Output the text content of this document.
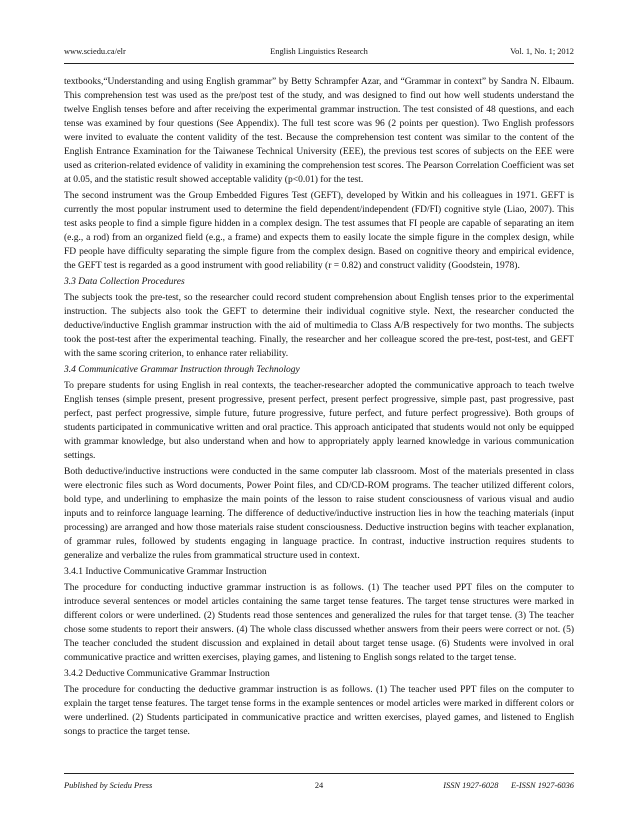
www.sciedu.ca/elr	English Linguistics Research	Vol. 1, No. 1; 2012

textbooks,“Understanding and using English grammar” by Betty Schrampfer Azar, and “Grammar in context” by Sandra N. Elbaum. This comprehension test was used as the pre/post test of the study, and was designed to find out how well students understand the twelve English tenses before and after receiving the experimental grammar instruction. The test consisted of 48 questions, and each tense was examined by four questions (See Appendix). The full test score was 96 (2 points per question). Two English professors were invited to evaluate the content validity of the test. Because the comprehension test content was similar to the content of the English Entrance Examination for the Taiwanese Technical University (EEE), the previous test scores of subjects on the EEE were used as criterion-related evidence of validity in examining the comprehension test scores. The Pearson Correlation Coefficient was set at 0.05, and the statistic result showed acceptable validity (p<0.01) for the test.

The second instrument was the Group Embedded Figures Test (GEFT), developed by Witkin and his colleagues in 1971. GEFT is currently the most popular instrument used to determine the field dependent/independent (FD/FI) cognitive style (Liao, 2007). This test asks people to find a simple figure hidden in a complex design. The test assumes that FI people are capable of separating an item (e.g., a rod) from an organized field (e.g., a frame) and expects them to easily locate the simple figure in the complex design, while FD people have difficulty separating the simple figure from the complex design. Based on cognitive theory and empirical evidence, the GEFT test is regarded as a good instrument with good reliability (r = 0.82) and construct validity (Goodstein, 1978).

3.3 Data Collection Procedures

The subjects took the pre-test, so the researcher could record student comprehension about English tenses prior to the experimental instruction. The subjects also took the GEFT to determine their individual cognitive style. Next, the researcher conducted the deductive/inductive English grammar instruction with the aid of multimedia to Class A/B respectively for two months. The subjects took the post-test after the experimental teaching. Finally, the researcher and her colleague scored the pre-test, post-test, and GEFT with the same scoring criterion, to enhance rater reliability.

3.4 Communicative Grammar Instruction through Technology

To prepare students for using English in real contexts, the teacher-researcher adopted the communicative approach to teach twelve English tenses (simple present, present progressive, present perfect, present perfect progressive, simple past, past progressive, past perfect, past perfect progressive, simple future, future progressive, future perfect, and future perfect progressive). Both groups of students participated in communicative written and oral practice. This approach anticipated that students would not only be equipped with grammar knowledge, but also understand when and how to appropriately apply learned knowledge in various communication settings.

Both deductive/inductive instructions were conducted in the same computer lab classroom. Most of the materials presented in class were electronic files such as Word documents, Power Point files, and CD/CD-ROM programs. The teacher utilized different colors, bold type, and underlining to emphasize the main points of the lesson to raise student consciousness of various visual and audio inputs and to reinforce language learning. The difference of deductive/inductive instruction lies in how the teaching materials (input processing) are arranged and how those materials raise student consciousness. Deductive instruction begins with teacher explanation, of grammar rules, followed by students engaging in language practice. In contrast, inductive instruction requires students to generalize and verbalize the rules from grammatical structure used in context.

3.4.1 Inductive Communicative Grammar Instruction

The procedure for conducting inductive grammar instruction is as follows. (1) The teacher used PPT files on the computer to introduce several sentences or model articles containing the same target tense features. The target tense structures were marked in different colors or were underlined. (2) Students read those sentences and generalized the rules for that target tense. (3) The teacher chose some students to report their answers. (4) The whole class discussed whether answers from their peers were correct or not. (5) The teacher concluded the student discussion and explained in detail about target tense usage. (6) Students were involved in oral communicative practice and written exercises, playing games, and listening to English songs related to the target tense.

3.4.2 Deductive Communicative Grammar Instruction

The procedure for conducting the deductive grammar instruction is as follows. (1) The teacher used PPT files on the computer to explain the target tense features. The target tense forms in the example sentences or model articles were marked in different colors or were underlined. (2) Students participated in communicative practice and written exercises, played games, and listened to English songs to practice the target tense.

Published by Sciedu Press	24	ISSN 1927-6028 E-ISSN 1927-6036
